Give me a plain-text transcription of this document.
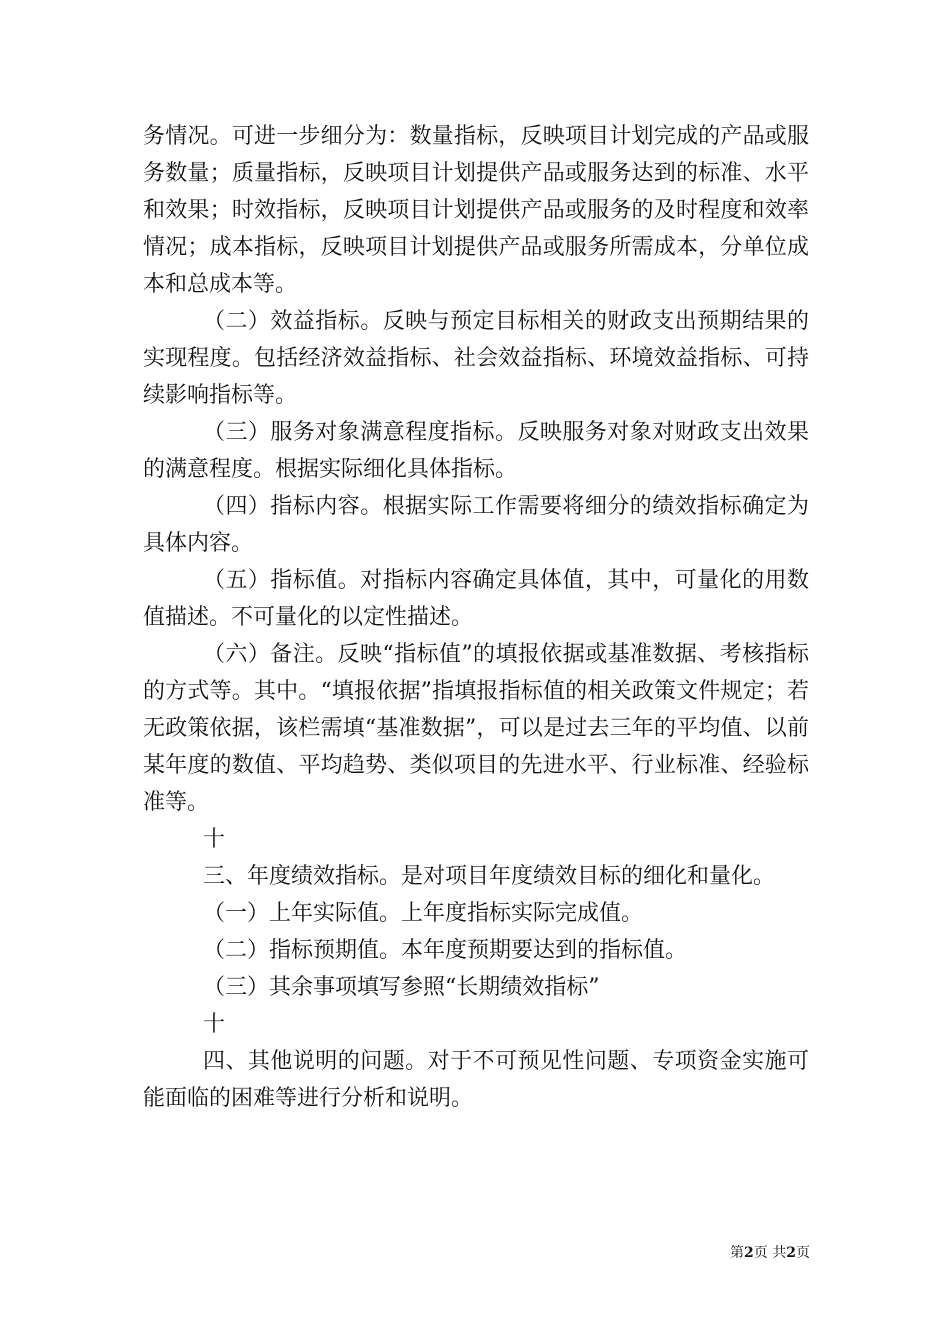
务情况。可进一步细分为：数量指标，反映项目计划完成的产品或服务数量；质量指标，反映项目计划提供产品或服务达到的标准、水平和效果；时效指标，反映项目计划提供产品或服务的及时程度和效率情况；成本指标，反映项目计划提供产品或服务所需成本，分单位成本和总成本等。

（二）效益指标。反映与预定目标相关的财政支出预期结果的实现程度。包括经济效益指标、社会效益指标、环境效益指标、可持续影响指标等。

（三）服务对象满意程度指标。反映服务对象对财政支出效果的满意程度。根据实际细化具体指标。

（四）指标内容。根据实际工作需要将细分的绩效指标确定为具体内容。

（五）指标值。对指标内容确定具体值，其中，可量化的用数值描述。不可量化的以定性描述。

（六）备注。反映“指标值”的填报依据或基准数据、考核指标的方式等。其中。“填报依据”指填报指标值的相关政策文件规定；若无政策依据，该栏需填“基准数据”，可以是过去三年的平均值、以前某年度的数值、平均趋势、类似项目的先进水平、行业标准、经验标准等。

十

三、年度绩效指标。是对项目年度绩效目标的细化和量化。

（一）上年实际值。上年度指标实际完成值。

（二）指标预期值。本年度预期要达到的指标值。

（三）其余事项填写参照“长期绩效指标”

十

四、其他说明的问题。对于不可预见性问题、专项资金实施可能面临的困难等进行分析和说明。

第2页 共2页
